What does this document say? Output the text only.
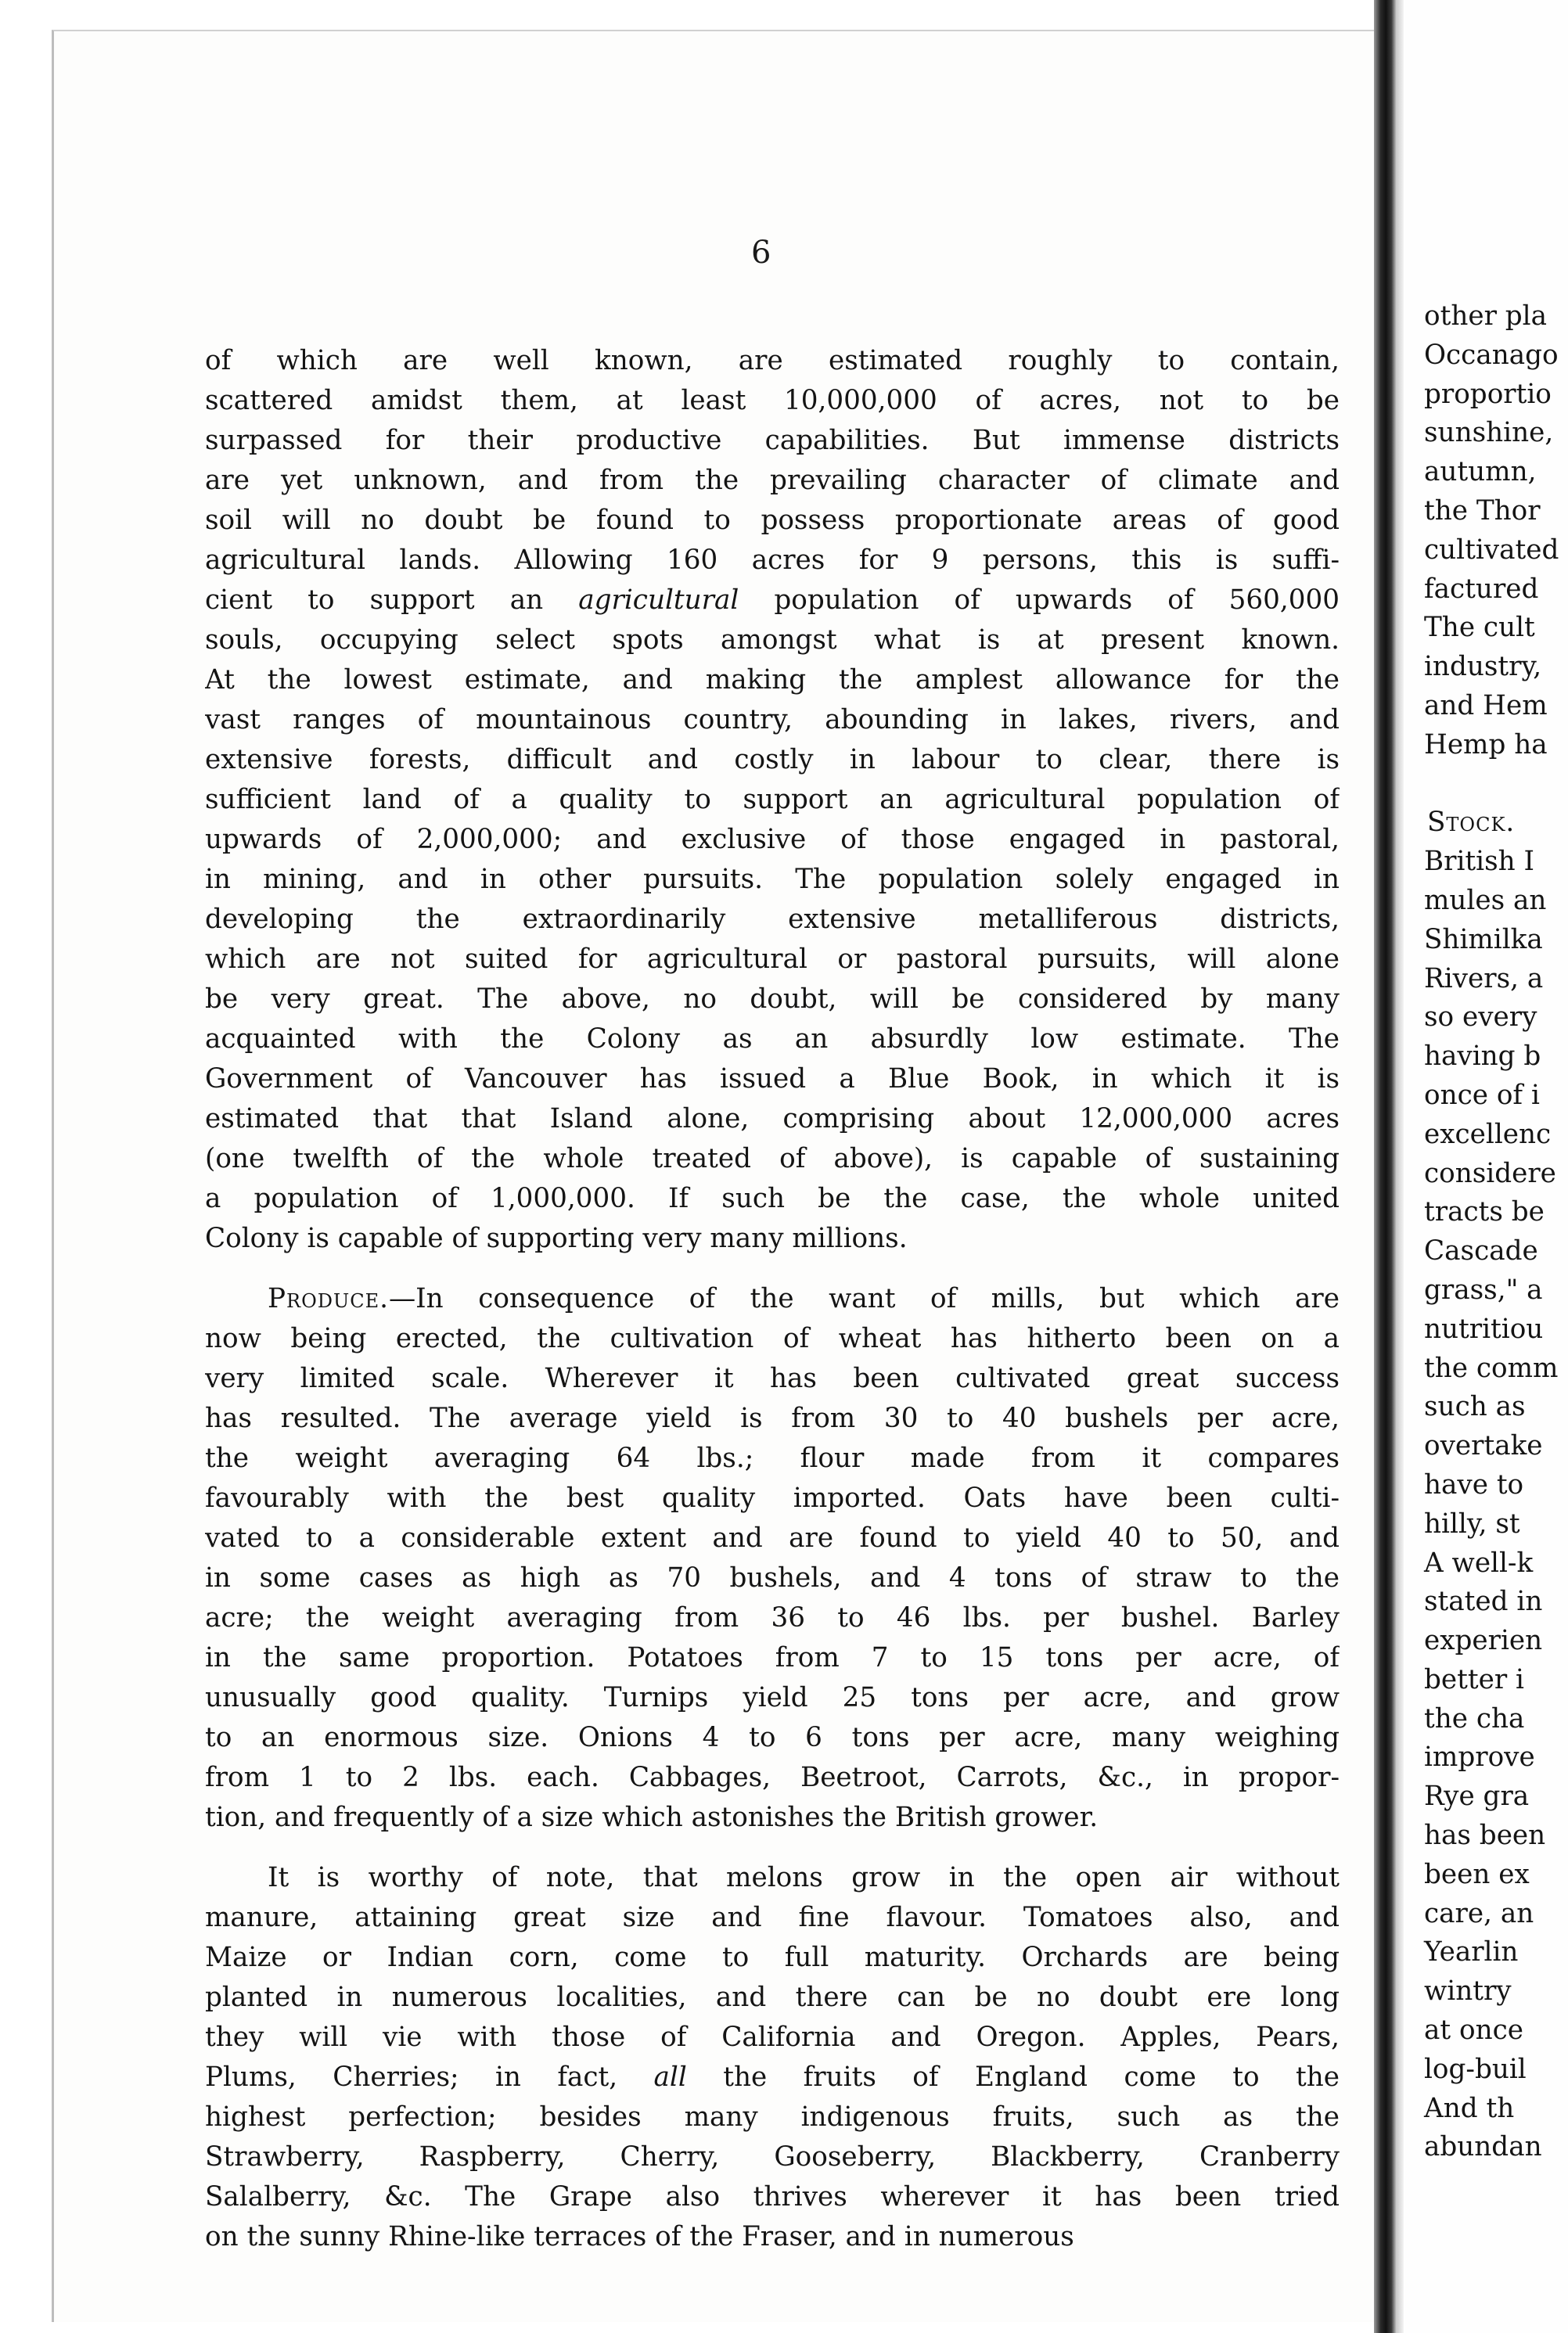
6
of which are well known, are estimated roughly to contain,
scattered amidst them, at least 10,000,000 of acres, not to be
surpassed for their productive capabilities. But immense districts
are yet unknown, and from the prevailing character of climate and
soil will no doubt be found to possess proportionate areas of good
agricultural lands. Allowing 160 acres for 9 persons, this is suffi-
cient to support an agricultural population of upwards of 560,000
souls, occupying select spots amongst what is at present known.
At the lowest estimate, and making the amplest allowance for the
vast ranges of mountainous country, abounding in lakes, rivers, and
extensive forests, difficult and costly in labour to clear, there is
sufficient land of a quality to support an agricultural population of
upwards of 2,000,000; and exclusive of those engaged in pastoral,
in mining, and in other pursuits. The population solely engaged in
developing the extraordinarily extensive metalliferous districts,
which are not suited for agricultural or pastoral pursuits, will alone
be very great. The above, no doubt, will be considered by many
acquainted with the Colony as an absurdly low estimate. The
Government of Vancouver has issued a Blue Book, in which it is
estimated that that Island alone, comprising about 12,000,000 acres
(one twelfth of the whole treated of above), is capable of sustaining
a population of 1,000,000. If such be the case, the whole united
Colony is capable of supporting very many millions.
Produce.—In consequence of the want of mills, but which are
now being erected, the cultivation of wheat has hitherto been on a
very limited scale. Wherever it has been cultivated great success
has resulted. The average yield is from 30 to 40 bushels per acre,
the weight averaging 64 lbs.; flour made from it compares
favourably with the best quality imported. Oats have been culti-
vated to a considerable extent and are found to yield 40 to 50, and
in some cases as high as 70 bushels, and 4 tons of straw to the
acre; the weight averaging from 36 to 46 lbs. per bushel. Barley
in the same proportion. Potatoes from 7 to 15 tons per acre, of
unusually good quality. Turnips yield 25 tons per acre, and grow
to an enormous size. Onions 4 to 6 tons per acre, many weighing
from 1 to 2 lbs. each. Cabbages, Beetroot, Carrots, &c., in propor-
tion, and frequently of a size which astonishes the British grower.
It is worthy of note, that melons grow in the open air without
manure, attaining great size and fine flavour. Tomatoes also, and
Maize or Indian corn, come to full maturity. Orchards are being
planted in numerous localities, and there can be no doubt ere long
they will vie with those of California and Oregon. Apples, Pears,
Plums, Cherries; in fact, all the fruits of England come to the
highest perfection; besides many indigenous fruits, such as the
Strawberry, Raspberry, Cherry, Gooseberry, Blackberry, Cranberry
Salalberry, &c. The Grape also thrives wherever it has been tried
on the sunny Rhine-like terraces of the Fraser, and in numerous
other pla
Occanago
proportio
sunshine,
autumn,
the Thor
cultivated
factured
The cult
industry,
and Hem
Hemp ha
Stock.
British I
mules an
Shimilka
Rivers, a
so every
having b
once of i
excellenc
considere
tracts be
Cascade
grass," a
nutritiou
the comm
such as
overtake
have to
hilly, st
A well-k
stated in
experien
better i
the cha
improve
Rye gra
has been
been ex
care, an
Yearlin
wintry
at once
log-buil
And th
abundan
